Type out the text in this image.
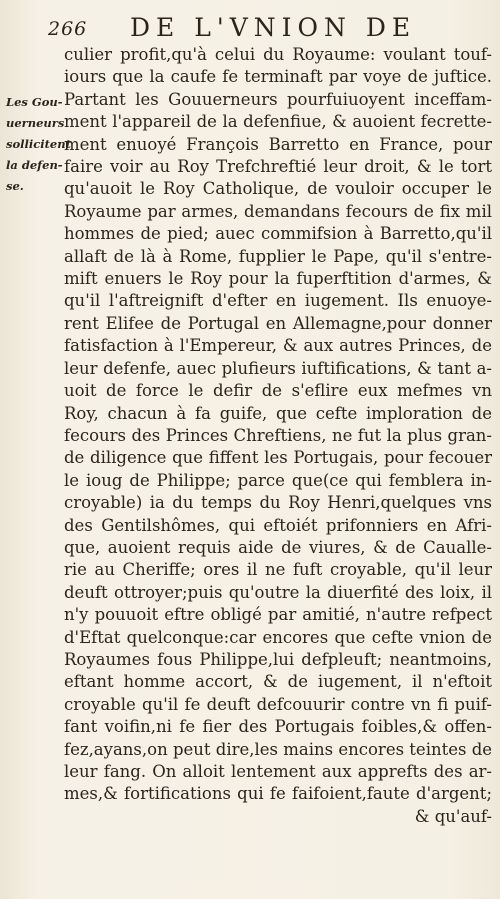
266 DE L'VNION DE
Les Gou-
uerneurs
sollicitent
la defen-
se.
culier profit,qu'à celui du Royaume: voulant touf-
iours que la caufe fe terminaft par voye de juftice.
Partant les Gouuerneurs pourfuiuoyent inceffam-
ment l'appareil de la defenfiue, & auoient fecrette-
ment enuoyé François Barretto en France, pour
faire voir au Roy Trefchreftié leur droit, & le tort
qu'auoit le Roy Catholique, de vouloir occuper le
Royaume par armes, demandans fecours de fix mil
hommes de pied; auec commifsion à Barretto,qu'il
allaft de là à Rome, fupplier le Pape, qu'il s'entre-
mift enuers le Roy pour la fuperftition d'armes, &
qu'il l'aftreignift d'efter en iugement. Ils enuoye-
rent Elifee de Portugal en Allemagne,pour donner
fatisfaction à l'Empereur, & aux autres Princes, de
leur defenfe, auec plufieurs iuftifications, & tant a-
uoit de force le defir de s'eflire eux mefmes vn
Roy, chacun à fa guife, que cefte imploration de
fecours des Princes Chreftiens, ne fut la plus gran-
de diligence que fiffent les Portugais, pour fecouer
le ioug de Philippe; parce que(ce qui femblera in-
croyable) ia du temps du Roy Henri,quelques vns
des Gentilshômes, qui eftoiét prifonniers en Afri-
que, auoient requis aide de viures, & de Caualle-
rie au Cheriffe; ores il ne fuft croyable, qu'il leur
deuft ottroyer;puis qu'outre la diuerfité des loix, il
n'y pouuoit eftre obligé par amitié, n'autre refpect
d'Eftat quelconque:car encores que cefte vnion de
Royaumes fous Philippe,lui defpleuft; neantmoins,
eftant homme accort, & de iugement, il n'eftoit
croyable qu'il fe deuft defcouurir contre vn fi puif-
fant voifin,ni fe fier des Portugais foibles,& offen-
fez,ayans,on peut dire,les mains encores teintes de
leur fang. On alloit lentement aux apprefts des ar-
mes,& fortifications qui fe faifoient,faute d'argent;
& qu'auf-
